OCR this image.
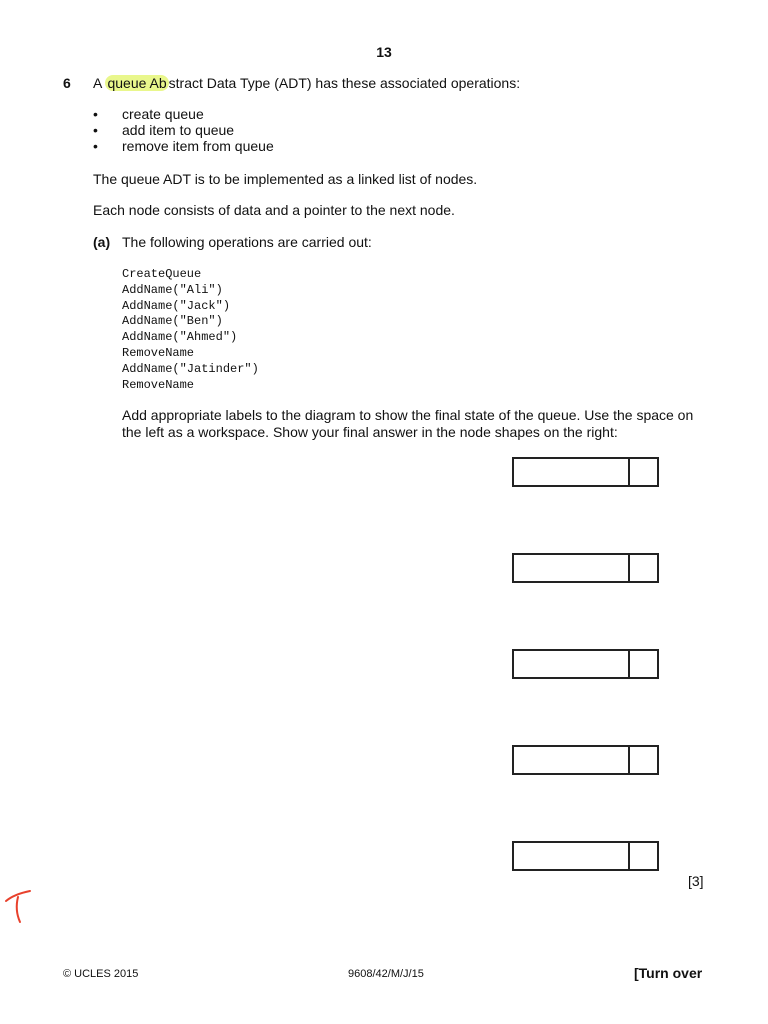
13
6 A queue Ab stract Data Type (ADT) has these associated operations:
• create queue
• add item to queue
• remove item from queue
The queue ADT is to be implemented as a linked list of nodes.
Each node consists of data and a pointer to the next node.
(a) The following operations are carried out:
CreateQueue
AddName("Ali")
AddName("Jack")
AddName("Ben")
AddName("Ahmed")
RemoveName
AddName("Jatinder")
RemoveName
Add appropriate labels to the diagram to show the final state of the queue. Use the space on
the left as a workspace. Show your final answer in the node shapes on the right:
[3]
© UCLES 2015	9608/42/M/J/15	[Turn over
